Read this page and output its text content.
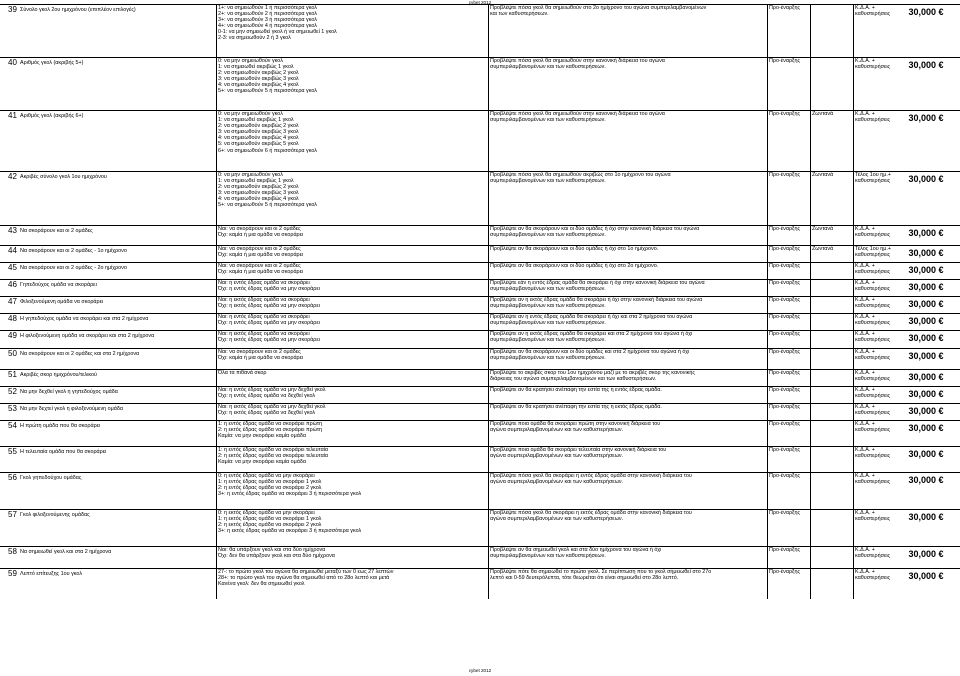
cybet 2012
39 Σύνολο γκολ 2ου ημιχρόνου (επιπλέον επιλογές)	1+: να σημειωθούν 1 ή περισσότερα γκολ
2+: να σημειωθούν 2 ή περισσότερα γκολ
3+: να σημειωθούν 3 ή περισσότερα γκολ
4+: να σημειωθούν 4 ή περισσότερα γκολ
0-1: να μην σημειωθεί γκολ ή να σημειωθεί 1 γκολ
2-3: να σημειωθούν 2 ή 3 γκολ
Προβλέψτε πόσα γκολ θα σημειωθούν στο 2ο ημίχρονο του αγώνα συμπεριλαμβανομένων
και των καθυστερήσεων.
Προ-έναρξης	Κ.Δ.Α. +
καθυστερήσεις	30,000 €
40 Αριθμός γκολ (ακριβής 5+)	0: να μην σημειωθούν γκολ
1: να σημειωθεί ακριβώς 1 γκολ
2: να σημειωθούν ακριβώς 2 γκολ
3: να σημειωθούν ακριβώς 3 γκολ
4: να σημειωθούν ακριβώς 4 γκολ
5+: να σημειωθούν 5 ή περισσότερα γκολ
Προβλέψτε πόσα γκολ θα σημειωθούν στην κανονική διάρκεια του αγώνα
συμπεριλαμβανομένων και των καθυστερήσεων.
Προ-έναρξης	Κ.Δ.Α. +
καθυστερήσεις	30,000 €
41 Αριθμός γκολ (ακριβής 6+)	0: να μην σημειωθούν γκολ
1: να σημειωθεί ακριβώς 1 γκολ
2: να σημειωθούν ακριβώς 2 γκολ
3: να σημειωθούν ακριβώς 3 γκολ
4: να σημειωθούν ακριβώς 4 γκολ
5: να σημειωθούν ακριβώς 5 γκολ
6+: να σημειωθούν 6 ή περισσότερα γκολ
Προβλέψτε πόσα γκολ θα σημειωθούν στην κανονική διάρκεια του αγώνα
συμπεριλαμβανομένων και των καθυστερήσεων.
Προ-έναρξης	Ζωντανά	Κ.Δ.Α. +
καθυστερήσεις	30,000 €
42 Ακριβές σύνολο γκολ 1ου ημιχρόνου	0: να μην σημειωθούν γκολ
1: να σημειωθεί ακριβώς 1 γκολ
2: να σημειωθούν ακριβώς 2 γκολ
3: να σημειωθούν ακριβώς 3 γκολ
4: να σημειωθούν ακριβώς 4 γκολ
5+: να σημειωθούν 5 ή περισσότερα γκολ
Προβλέψτε πόσα γκολ θα σημειωθούν ακριβώς στο 1ο ημίχρονο του αγώνα
συμπεριλαμβανομένων και των καθυστερήσεων.
Προ-έναρξης	Ζωντανά	Τέλος 1ου ημ.+
καθυστερήσεις	30,000 €
43 Να σκοράρουν και οι 2 ομάδες	Ναι: να σκοράρουν και οι 2 ομάδες
Όχι: καμία ή μια ομάδα να σκοράρει
Προβλέψτε αν θα σκοράρουν και οι δύο ομάδες ή όχι στην κανονική διάρκεια του αγώνα
συμπεριλαμβανομένων και των καθυστερήσεων.
Προ-έναρξης	Ζωντανά	Κ.Δ.Α. +
καθυστερήσεις	30,000 €
44 Να σκοράρουν και οι 2 ομάδες - 1ο ημίχρονο	Ναι: να σκοράρουν και οι 2 ομάδες
Όχι: καμία ή μια ομάδα να σκοράρει
Προβλέψτε αν θα σκοράρουν και οι δύο ομάδες ή όχι στο 1ο ημίχρονο.	Προ-έναρξης	Ζωντανά	Τέλος 1ου ημ.+
καθυστερήσεις	30,000 €
45 Να σκοράρουν και οι 2 ομάδες - 2ο ημίχρονο	Ναι: να σκοράρουν και οι 2 ομάδες
Όχι: καμία ή μια ομάδα να σκοράρει
Προβλέψτε αν θα σκοράρουν και οι δύο ομάδες ή όχι στο 2ο ημίχρονο.	Προ-έναρξης	Κ.Δ.Α. +
καθυστερήσεις	30,000 €
46 Γηπεδούχος ομάδα να σκοράρει	Ναι: η εντός έδρας ομάδα να σκοράρει
Όχι: η εντός έδρας ομάδα να μην σκοράρει
Προβλέψτε εάν η εντός έδρας ομάδα θα σκοράρει ή όχι στην κανονική διάρκεια του αγώνα
συμπεριλαμβανομένων και των καθυστερήσεων.
Προ-έναρξης	Κ.Δ.Α. +
καθυστερήσεις	30,000 €
47 Φιλοξενούμενη ομάδα να σκοράρει	Ναι: η εκτός έδρας ομάδα να σκοράρει
Όχι: η εκτός έδρας ομάδα να μην σκοράρει
Προβλέψτε αν η εκτός έδρας ομάδα θα σκοράρει ή όχι στην κανονική διάρκεια του αγώνα
συμπεριλαμβανομένων και των καθυστερήσεων.
Προ-έναρξης	Κ.Δ.Α. +
καθυστερήσεις	30,000 €
48 Η γηπεδούχος ομάδα να σκοράρει και στα 2 ημίχρονα	Ναι: η εντός έδρας ομάδα να σκοράρει
Όχι: η εντός έδρας ομάδα να μην σκοράρει
Προβλέψτε αν η εντός έδρας ομάδα θα σκοράρει ή όχι και στα 2 ημίχρονα του αγώνα
συμπεριλαμβανομένων και των καθυστερήσεων.
Προ-έναρξης	Κ.Δ.Α. +
καθυστερήσεις	30,000 €
49 Η φιλοξενούμενη ομάδα να σκοράρει και στα 2 ημίχρονα	Ναι: η εκτός έδρας ομάδα να σκοράρει
Όχι: η εκτός έδρας ομάδα να μην σκοράρει
Προβλέψτε αν η εκτός έδρας ομάδα θα σκοράρει και στα 2 ημίχρονα του αγώνα ή όχι
συμπεριλαμβανομένων και των καθυστερήσεων.
Προ-έναρξης	Κ.Δ.Α. +
καθυστερήσεις	30,000 €
50 Να σκοράρουν και οι 2 ομάδες και στα 2 ημίχρονα	Ναι: να σκοράρουν και οι 2 ομάδες
Όχι: καμία ή μια ομάδα να σκοράρει
Προβλέψτε αν θα σκοράρουν και οι δύο ομάδες και στα 2 ημίχρονα του αγώνα ή όχι
συμπεριλαμβανομένων και των καθυστερήσεων.
Προ-έναρξης	Κ.Δ.Α. +
καθυστερήσεις	30,000 €
51 Ακριβές σκορ ημιχρόνου/τελικού	Όλα τα πιθανά σκορ	Προβλέψτε το ακριβές σκορ του 1ου ημιχρόνου μαζί με το ακριβές σκορ της κανονικής
διάρκειας του αγώνα συμπεριλαμβανομένων και των καθυστερήσεων.
Προ-έναρξης	Κ.Δ.Α. +
καθυστερήσεις	30,000 €
52 Να μην δεχθεί γκολ η γηπεδούχος ομάδα	Ναι: η εντός έδρας ομάδα να μην δεχθεί γκολ
Όχι: η εντός έδρας ομάδα να δεχθεί γκολ
Προβλέψτε αν θα κρατήσει ανέπαφη την εστία της η εντός έδρας ομάδα.	Προ-έναρξης	Κ.Δ.Α. +
καθυστερήσεις	30,000 €
53 Να μην δεχτεί γκολ η φιλοξενούμενη ομάδα	Ναι: η εκτός έδρας ομάδα να μην δεχθεί γκολ
Όχι: η εκτός έδρας ομάδα να δεχθεί γκολ
Προβλέψτε αν θα κρατήσει ανέπαφη την εστία της η εκτός έδρας ομάδα.	Προ-έναρξης	Κ.Δ.Α. +
καθυστερήσεις	30,000 €
54 Η πρώτη ομάδα που θα σκοράρει	1: η εντός έδρας ομάδα να σκοράρει πρώτη
2: η εκτός έδρας ομάδα να σκοράρει πρώτη
Καμία: να μην σκοράρει καμία ομάδα
Προβλέψτε ποια ομάδα θα σκοράρει πρώτη στην κανονική διάρκεια του
αγώνα συμπεριλαμβανομένων και των καθυστερήσεων.
Προ-έναρξης	Κ.Δ.Α. +
καθυστερήσεις	30,000 €
55 Η τελευταία ομάδα που θα σκοράρει	1: η εντός έδρας ομάδα να σκοράρει τελευταία
2: η εκτός έδρας ομάδα να σκοράρει τελευταία
Καμία: να μην σκοράρει καμία ομάδα
Προβλέψτε ποια ομάδα θα σκοράρει τελευταία στην κανονική διάρκεια του
αγώνα συμπεριλαμβανομένων και των καθυστερήσεων.
Προ-έναρξης	Κ.Δ.Α. +
καθυστερήσεις	30,000 €
56 Γκολ γηπεδούχου ομάδας	0: η εντός έδρας ομάδα να μην σκοράρει
1: η εντός έδρας ομάδα να σκοράρει 1 γκολ
2: η εντός έδρας ομάδα να σκοράρει 2 γκολ
3+: η εντός έδρας ομάδα να σκοράρει 3 ή περισσότερα γκολ
Προβλέψτε πόσα γκολ θα σκοράρει η εντός έδρας ομάδα στην κανονική διάρκεια του
αγώνα συμπεριλαμβανομένων και των καθυστερήσεων.
Προ-έναρξης	Κ.Δ.Α. +
καθυστερήσεις	30,000 €
57 Γκολ φιλοξενούμενης ομάδας	0: η εκτός έδρας ομάδα να μην σκοράρει
1: η εκτός έδρας ομάδα να σκοράρει 1 γκολ
2: η εκτός έδρας ομάδα να σκοράρει 2 γκολ
3+: η εκτός έδρας ομάδα να σκοράρει 3 ή περισσότερα γκολ
Προβλέψτε πόσα γκολ θα σκοράρει η εκτός έδρας ομάδα στην κανονική διάρκεια του
αγώνα συμπεριλαμβανομένων και των καθυστερήσεων.
Προ-έναρξης	Κ.Δ.Α. +
καθυστερήσεις	30,000 €
58 Να σημειωθεί γκολ και στα 2 ημίχρονα	Ναι: θα υπάρξουν γκολ και στα δύο ημίχρονα
Όχι: δεν θα υπάρξουν γκολ και στα δύο ημίχρονα
Προβλέψτε αν θα σημειωθεί γκολ και στα δύο ημίχρονα του αγώνα ή όχι
συμπεριλαμβανομένων και των καθυστερήσεων.
Προ-έναρξης	Κ.Δ.Α. +
καθυστερήσεις	30,000 €
59 Λεπτό επίτευξης 1ου γκολ	27-: το πρώτο γκολ του αγώνα θα σημειωθεί μεταξύ των 0 εως 27 λεπτών
28+: το πρώτο γκολ του αγώνα θα σημειωθεί από το 28ο λεπτό και μετά
Κανένα γκολ: δεν θα σημειωθεί γκολ
Προβλέψτε πότε θα σημειωθεί το πρώτο γκολ. Σε περίπτωση που το γκολ σημειωθεί στο 27ο
λεπτό και 0-59 δευτερόλεπτα, τότε θεωρείται ότι είναι σημειωθεί στο 28ο λεπτό.
Προ-έναρξης	Κ.Δ.Α. +
καθυστερήσεις	30,000 €
cybet 2012
